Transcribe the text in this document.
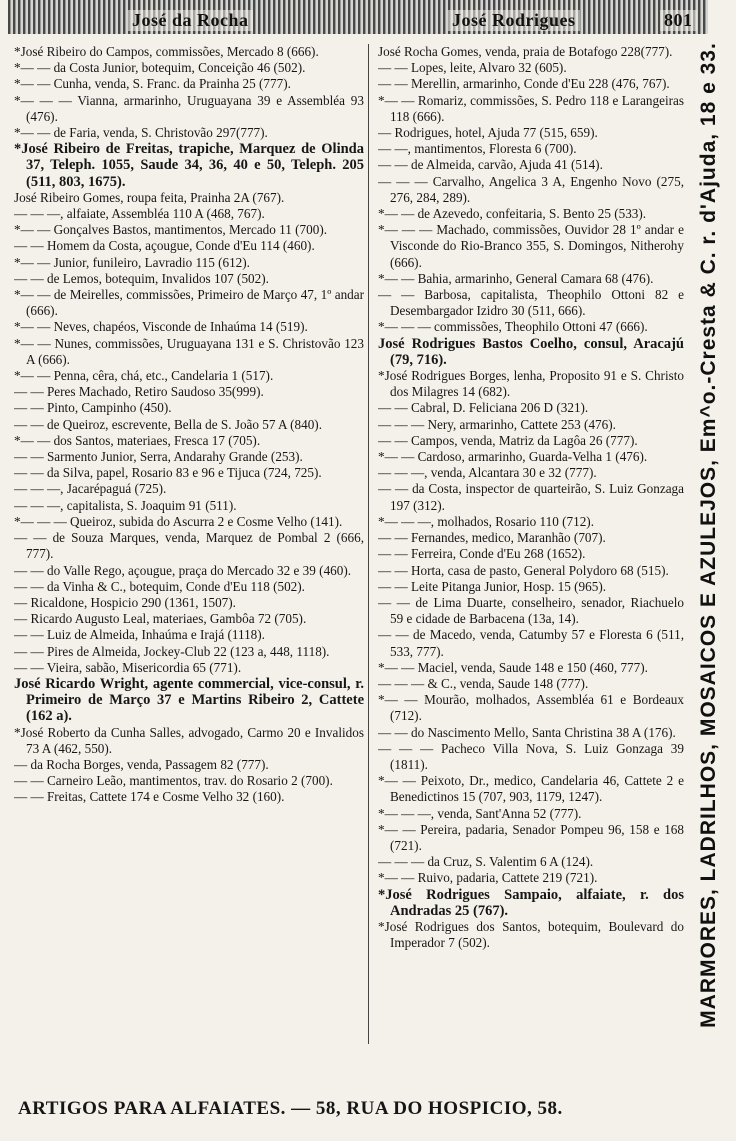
José da Rocha	José Rodrigues	801
*José Ribeiro do Campos, commissões, Mercado 8 (666).
*— — da Costa Junior, botequim, Conceição 46 (502).
*— — Cunha, venda, S. Franc. da Prainha 25 (777).
*— — — Vianna, armarinho, Uruguayana 39 e Assembléa 93 (476).
*— — de Faria, venda, S. Christovão 297(777).
*José Ribeiro de Freitas, trapiche, Marquez de Olinda 37, Teleph. 1055, Saude 34, 36, 40 e 50, Teleph. 205 (511, 803, 1675).
José Ribeiro Gomes, roupa feita, Prainha 2A (767).
— — —, alfaiate, Assembléa 110 A (468, 767).
*— — Gonçalves Bastos, mantimentos, Mercado 11 (700).
— — Homem da Costa, açougue, Conde d'Eu 114 (460).
*— — Junior, funileiro, Lavradio 115 (612).
— — de Lemos, botequim, Invalidos 107 (502).
*— — de Meirelles, commissões, Primeiro de Março 47, 1º andar (666).
*— — Neves, chapéos, Visconde de Inhaúma 14 (519).
*— — Nunes, commissões, Uruguayana 131 e S. Christovão 123 A (666).
*— — Penna, cêra, chá, etc., Candelaria 1 (517).
— — Peres Machado, Retiro Saudoso 35(999).
— — Pinto, Campinho (450).
— — de Queiroz, escrevente, Bella de S. João 57 A (840).
*— — dos Santos, materiaes, Fresca 17 (705).
— — Sarmento Junior, Serra, Andarahy Grande (253).
— — da Silva, papel, Rosario 83 e 96 e Tijuca (724, 725).
— — —, Jacarépaguá (725).
— — —, capitalista, S. Joaquim 91 (511).
*— — — Queiroz, subida do Ascurra 2 e Cosme Velho (141).
— — de Souza Marques, venda, Marquez de Pombal 2 (666, 777).
— — do Valle Rego, açougue, praça do Mercado 32 e 39 (460).
— — da Vinha & C., botequim, Conde d'Eu 118 (502).
— Ricaldone, Hospicio 290 (1361, 1507).
— Ricardo Augusto Leal, materiaes, Gambôa 72 (705).
— — Luiz de Almeida, Inhaúma e Irajá (1118).
— — Pires de Almeida, Jockey-Club 22 (123 a, 448, 1118).
— — Vieira, sabão, Misericordia 65 (771).
José Ricardo Wright, agente commercial, vice-consul, r. Primeiro de Março 37 e Martins Ribeiro 2, Cattete (162 a).
*José Roberto da Cunha Salles, advogado, Carmo 20 e Invalidos 73 A (462, 550).
— da Rocha Borges, venda, Passagem 82 (777).
— — Carneiro Leão, mantimentos, trav. do Rosario 2 (700).
— — Freitas, Cattete 174 e Cosme Velho 32 (160).
José Rocha Gomes, venda, praia de Botafogo 228(777).
— — Lopes, leite, Alvaro 32 (605).
— — Merellin, armarinho, Conde d'Eu 228 (476, 767).
*— — Romariz, commissões, S. Pedro 118 e Larangeiras 118 (666).
— Rodrigues, hotel, Ajuda 77 (515, 659).
— —, mantimentos, Floresta 6 (700).
— — de Almeida, carvão, Ajuda 41 (514).
— — — Carvalho, Angelica 3 A, Engenho Novo (275, 276, 284, 289).
*— — de Azevedo, confeitaria, S. Bento 25 (533).
*— — — Machado, commissões, Ouvidor 28 1º andar e Visconde do Rio-Branco 355, S. Domingos, Nitherohy (666).
*— — Bahia, armarinho, General Camara 68 (476).
— — Barbosa, capitalista, Theophilo Ottoni 82 e Desembargador Izidro 30 (511, 666).
*— — — commissões, Theophilo Ottoni 47 (666).
José Rodrigues Bastos Coelho, consul, Aracajú (79, 716).
*José Rodrigues Borges, lenha, Proposito 91 e S. Christo dos Milagres 14 (682).
— — Cabral, D. Feliciana 206 D (321).
— — — Nery, armarinho, Cattete 253 (476).
— — Campos, venda, Matriz da Lagôa 26 (777).
*— — Cardoso, armarinho, Guarda-Velha 1 (476).
— — —, venda, Alcantara 30 e 32 (777).
— — da Costa, inspector de quarteirão, S. Luiz Gonzaga 197 (312).
*— — —, molhados, Rosario 110 (712).
— — Fernandes, medico, Maranhão (707).
— — Ferreira, Conde d'Eu 268 (1652).
— — Horta, casa de pasto, General Polydoro 68 (515).
— — Leite Pitanga Junior, Hosp. 15 (965).
— — de Lima Duarte, conselheiro, senador, Riachuelo 59 e cidade de Barbacena (13a, 14).
— — de Macedo, venda, Catumby 57 e Floresta 6 (511, 533, 777).
*— — Maciel, venda, Saude 148 e 150 (460, 777).
— — — & C., venda, Saude 148 (777).
*— — Mourão, molhados, Assembléa 61 e Bordeaux (712).
— — do Nascimento Mello, Santa Christina 38 A (176).
— — — Pacheco Villa Nova, S. Luiz Gonzaga 39 (1811).
*— — Peixoto, Dr., medico, Candelaria 46, Cattete 2 e Benedictinos 15 (707, 903, 1179, 1247).
*— — —, venda, Sant'Anna 52 (777).
*— — Pereira, padaria, Senador Pompeu 96, 158 e 168 (721).
— — — da Cruz, S. Valentim 6 A (124).
*— — Ruivo, padaria, Cattete 219 (721).
*José Rodrigues Sampaio, alfaiate, r. dos Andradas 25 (767).
*José Rodrigues dos Santos, botequim, Boulevard do Imperador 7 (502).	MARMORES, LADRILHOS, MOSAICOS E AZULEJOS, Em^o.-Cresta & C. r. d'Ajuda, 18 e 33.
ARTIGOS PARA ALFAIATES. — 58, RUA DO HOSPICIO, 58.
